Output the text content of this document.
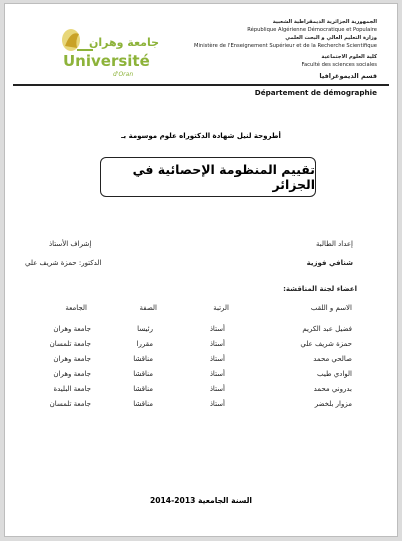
جامعة وهران
Université
d'Oran
الجمهورية الجزائرية الديمقراطية الشعبية
République Algérienne Démocratique et Populaire
وزارة التعليم العالي و البحث العلمي
Ministère de l'Enseignement Supérieur et de la Recherche Scientifique
كلية العلوم الاجتماعية
Faculté des sciences sociales
قسم الديموغرافيا
Département de démographie
أطروحة لنيل شهادة الدكتوراه علوم موسومة بـ
تقييم المنظومة الإحصائية في الجزائر
إعداد الطالبة
شنافي فوزية
إشراف الأستاذ
الدكتور: حمزة شريف علي
اعضاء لجنة المناقشة:
الاسم و اللقب
الرتبة
الصفة
الجامعة
فضيل عبد الكريم
أستاذ
رئيسا
جامعة وهران
حمزة شريف علي
أستاذ
مقررا
جامعة تلمسان
صالحي محمد
أستاذ
مناقشا
جامعة وهران
الوادي طيب
أستاذ
مناقشا
جامعة وهران
بدروني محمد
أستاذ
مناقشا
جامعة البليدة
مزوار بلخضر
أستاذ
مناقشا
جامعة تلمسان
السنة الجامعية 2013-2014
